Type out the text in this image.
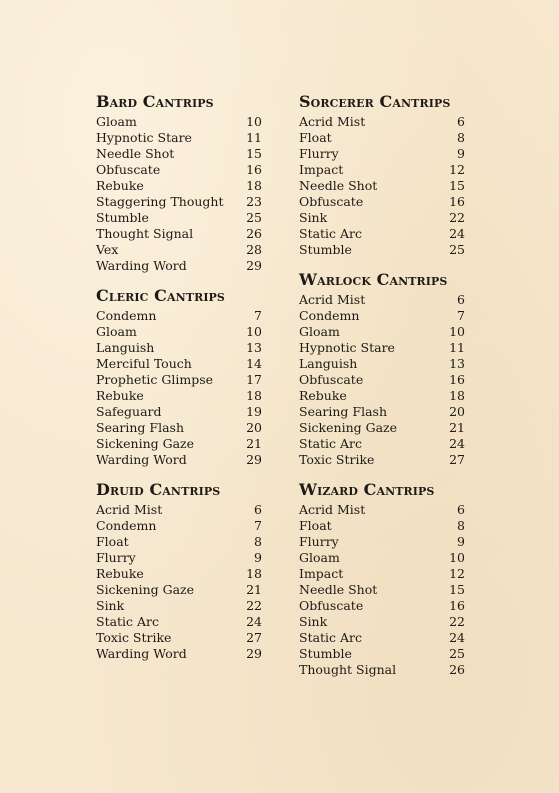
Bard Cantrips
Gloam	10
Hypnotic Stare	11
Needle Shot	15
Obfuscate	16
Rebuke	18
Staggering Thought	23
Stumble	25
Thought Signal	26
Vex	28
Warding Word	29
Cleric Cantrips
Condemn	7
Gloam	10
Languish	13
Merciful Touch	14
Prophetic Glimpse	17
Rebuke	18
Safeguard	19
Searing Flash	20
Sickening Gaze	21
Warding Word	29
Druid Cantrips
Acrid Mist	6
Condemn	7
Float	8
Flurry	9
Rebuke	18
Sickening Gaze	21
Sink	22
Static Arc	24
Toxic Strike	27
Warding Word	29
Sorcerer Cantrips
Acrid Mist	6
Float	8
Flurry	9
Impact	12
Needle Shot	15
Obfuscate	16
Sink	22
Static Arc	24
Stumble	25
Warlock Cantrips
Acrid Mist	6
Condemn	7
Gloam	10
Hypnotic Stare	11
Languish	13
Obfuscate	16
Rebuke	18
Searing Flash	20
Sickening Gaze	21
Static Arc	24
Toxic Strike	27
Wizard Cantrips
Acrid Mist	6
Float	8
Flurry	9
Gloam	10
Impact	12
Needle Shot	15
Obfuscate	16
Sink	22
Static Arc	24
Stumble	25
Thought Signal	26
